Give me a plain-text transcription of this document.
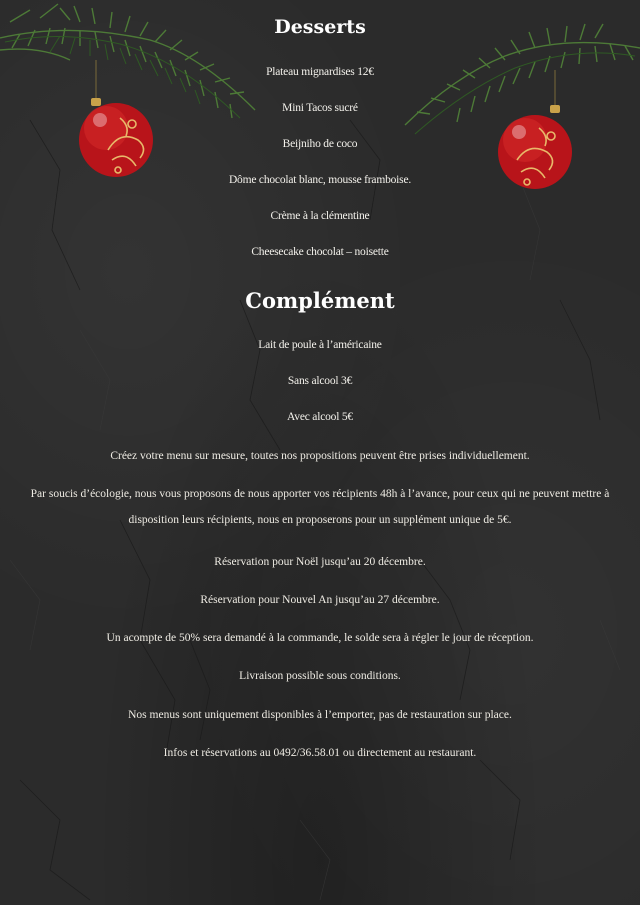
Desserts
Plateau mignardises 12€
Mini Tacos sucré
Beijniho de coco
Dôme chocolat blanc, mousse framboise.
Crème à la clémentine
Cheesecake chocolat – noisette
Complément
Lait de poule à l’américaine
Sans alcool 3€
Avec alcool 5€
Créez votre menu sur mesure, toutes nos propositions peuvent être prises individuellement.
Par soucis d’écologie, nous vous proposons de nous apporter vos récipients 48h à l’avance, pour ceux qui ne peuvent mettre à disposition leurs récipients, nous en proposerons pour un supplément unique de 5€.
Réservation pour Noël jusqu’au 20 décembre.
Réservation pour Nouvel An jusqu’au 27 décembre.
Un acompte de 50% sera demandé à la commande, le solde sera à régler le jour de réception.
Livraison possible sous conditions.
Nos menus sont uniquement disponibles à l’emporter, pas de restauration sur place.
Infos et réservations au 0492/36.58.01 ou directement au restaurant.
